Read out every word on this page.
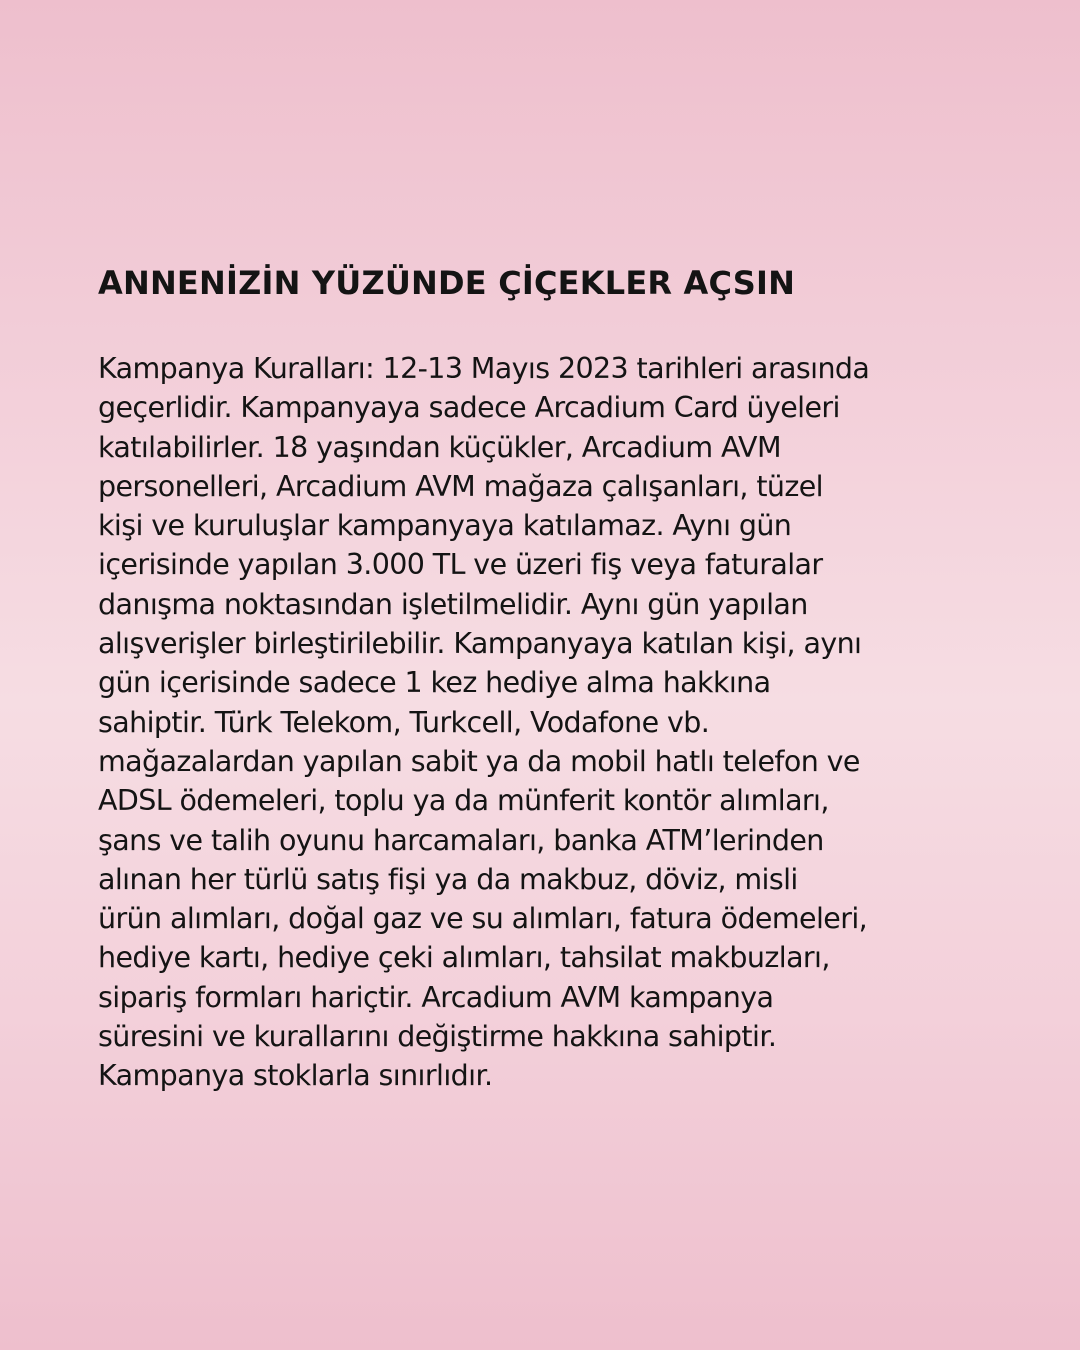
ANNENİZİN YÜZÜNDE ÇİÇEKLER AÇSIN
Kampanya Kuralları: 12-13 Mayıs 2023 tarihleri arasında
geçerlidir. Kampanyaya sadece Arcadium Card üyeleri
katılabilirler. 18 yaşından küçükler, Arcadium AVM
personelleri, Arcadium AVM mağaza çalışanları, tüzel
kişi ve kuruluşlar kampanyaya katılamaz. Aynı gün
içerisinde yapılan 3.000 TL ve üzeri fiş veya faturalar
danışma noktasından işletilmelidir. Aynı gün yapılan
alışverişler birleştirilebilir. Kampanyaya katılan kişi, aynı
gün içerisinde sadece 1 kez hediye alma hakkına
sahiptir. Türk Telekom, Turkcell, Vodafone vb.
mağazalardan yapılan sabit ya da mobil hatlı telefon ve
ADSL ödemeleri, toplu ya da münferit kontör alımları,
şans ve talih oyunu harcamaları, banka ATM’lerinden
alınan her türlü satış fişi ya da makbuz, döviz, misli
ürün alımları, doğal gaz ve su alımları, fatura ödemeleri,
hediye kartı, hediye çeki alımları, tahsilat makbuzları,
sipariş formları hariçtir. Arcadium AVM kampanya
süresini ve kurallarını değiştirme hakkına sahiptir.
Kampanya stoklarla sınırlıdır.
